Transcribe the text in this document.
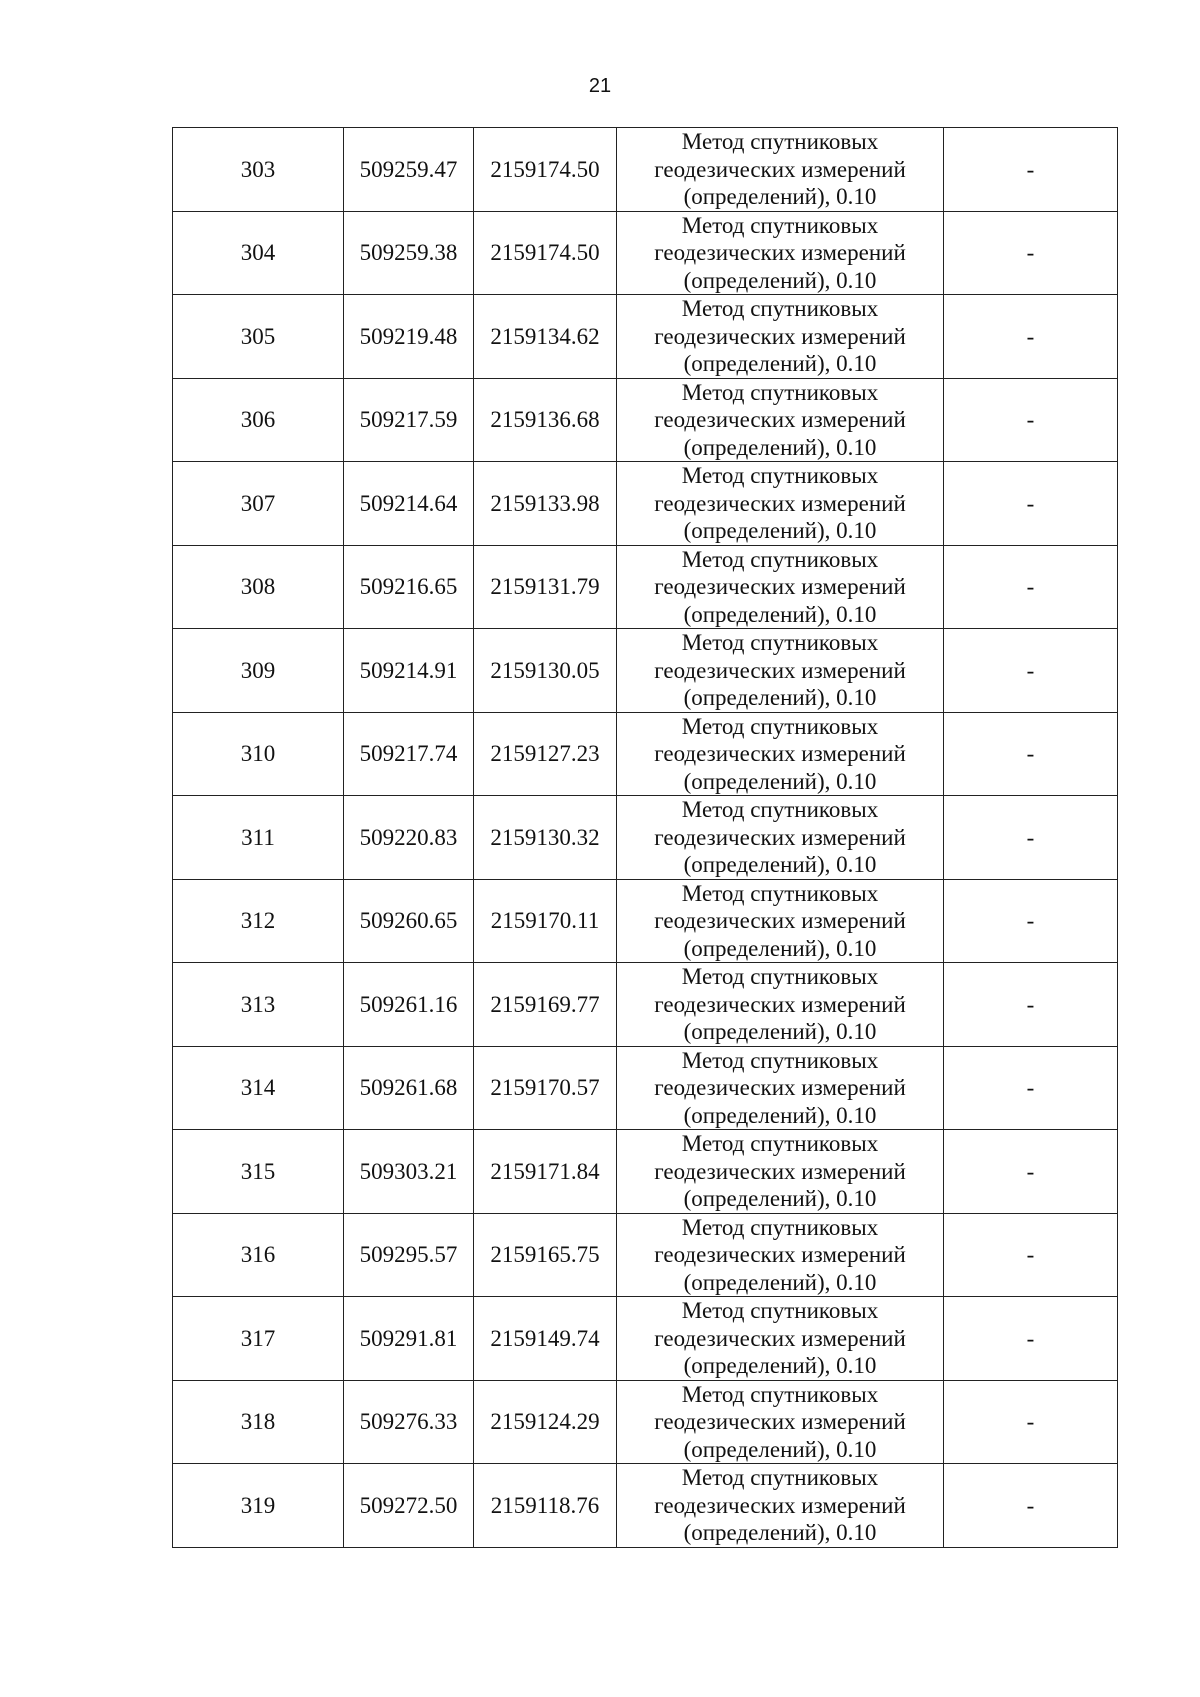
21
303	509259.47	2159174.50	Метод спутниковых
геодезических измерений
(определений), 0.10	-
304	509259.38	2159174.50	Метод спутниковых
геодезических измерений
(определений), 0.10	-
305	509219.48	2159134.62	Метод спутниковых
геодезических измерений
(определений), 0.10	-
306	509217.59	2159136.68	Метод спутниковых
геодезических измерений
(определений), 0.10	-
307	509214.64	2159133.98	Метод спутниковых
геодезических измерений
(определений), 0.10	-
308	509216.65	2159131.79	Метод спутниковых
геодезических измерений
(определений), 0.10	-
309	509214.91	2159130.05	Метод спутниковых
геодезических измерений
(определений), 0.10	-
310	509217.74	2159127.23	Метод спутниковых
геодезических измерений
(определений), 0.10	-
311	509220.83	2159130.32	Метод спутниковых
геодезических измерений
(определений), 0.10	-
312	509260.65	2159170.11	Метод спутниковых
геодезических измерений
(определений), 0.10	-
313	509261.16	2159169.77	Метод спутниковых
геодезических измерений
(определений), 0.10	-
314	509261.68	2159170.57	Метод спутниковых
геодезических измерений
(определений), 0.10	-
315	509303.21	2159171.84	Метод спутниковых
геодезических измерений
(определений), 0.10	-
316	509295.57	2159165.75	Метод спутниковых
геодезических измерений
(определений), 0.10	-
317	509291.81	2159149.74	Метод спутниковых
геодезических измерений
(определений), 0.10	-
318	509276.33	2159124.29	Метод спутниковых
геодезических измерений
(определений), 0.10	-
319	509272.50	2159118.76	Метод спутниковых
геодезических измерений
(определений), 0.10	-
